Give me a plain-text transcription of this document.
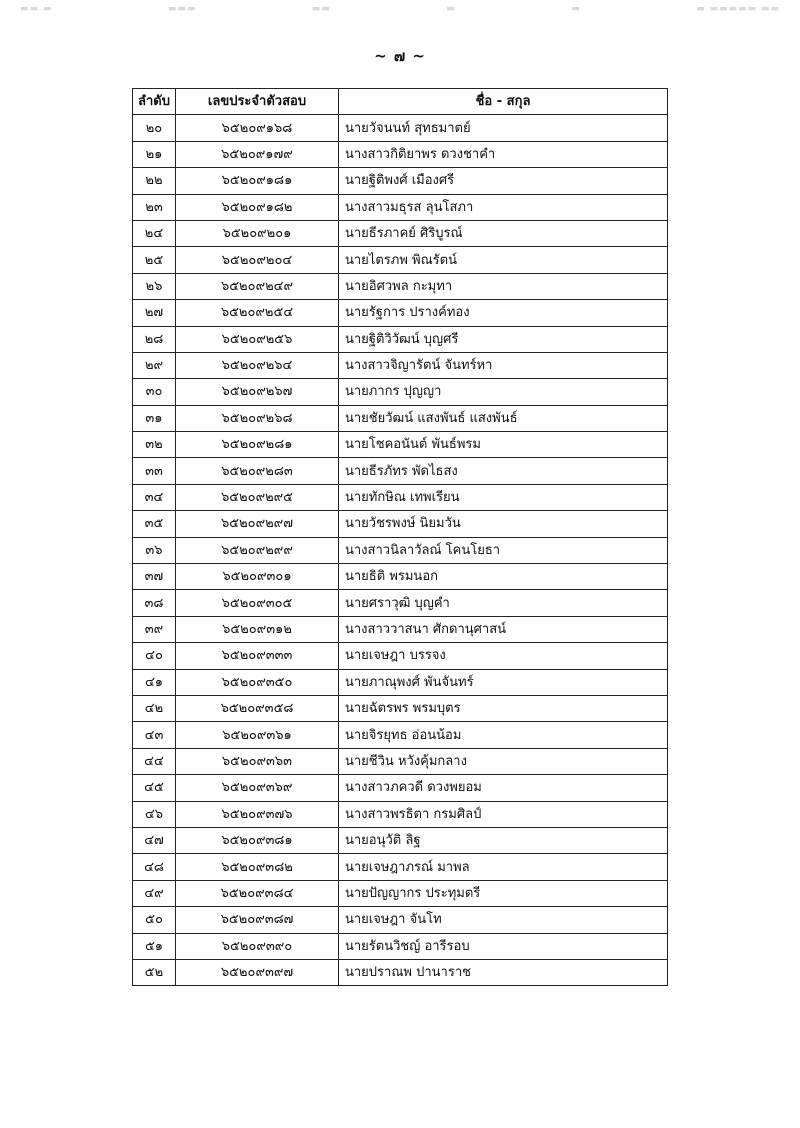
▬▬ ▬	▬▬▬	▬▬	▬	▬	▬ ▬▬▬▬▬ ▬▬
~ ๗ ~
ลำดับ	เลขประจำตัวสอบ	ชื่อ - สกุล
๒๐	๖๕๒๐๙๑๖๘	นายวัจนนท์ สุทธมาตย์
๒๑	๖๕๒๐๙๑๗๙	นางสาวกิติยาพร ดวงชาคำ
๒๒	๖๕๒๐๙๑๘๑	นายฐิติพงศ์ เมืองศรี
๒๓	๖๕๒๐๙๑๘๒	นางสาวมธุรส ลุนโสภา
๒๔	๖๕๒๐๙๒๐๑	นายธีรภาคย์ ศิริบูรณ์
๒๕	๖๕๒๐๙๒๐๔	นายไตรภพ พิณรัตน์
๒๖	๖๕๒๐๙๒๔๙	นายอิศวพล กะมุทา
๒๗	๖๕๒๐๙๒๕๔	นายรัฐการ ปรางค์ทอง
๒๘	๖๕๒๐๙๒๕๖	นายฐิติวิวัฒน์ บุญศรี
๒๙	๖๕๒๐๙๒๖๔	นางสาวจิญารัตน์ จันทร์หา
๓๐	๖๕๒๐๙๒๖๗	นายภากร ปุญญา
๓๑	๖๕๒๐๙๒๖๘	นายชัยวัฒน์ แสงพันธ์ แสงพันธ์
๓๒	๖๕๒๐๙๒๘๑	นายโชคอนันต์ พันธ์พรม
๓๓	๖๕๒๐๙๒๘๓	นายธีรภัทร พัดไธสง
๓๔	๖๕๒๐๙๒๙๕	นายทักษิณ เทพเรียน
๓๕	๖๕๒๐๙๒๙๗	นายวัชรพงษ์ นิยมวัน
๓๖	๖๕๒๐๙๒๙๙	นางสาวนิลาวัลณ์ โคนโยธา
๓๗	๖๕๒๐๙๓๐๑	นายธิติ พรมนอก
๓๘	๖๕๒๐๙๓๐๕	นายศราวุฒิ บุญคำ
๓๙	๖๕๒๐๙๓๑๒	นางสาววาสนา ศักดานุศาสน์
๔๐	๖๕๒๐๙๓๓๓	นายเจษฎา บรรจง
๔๑	๖๕๒๐๙๓๕๐	นายภาณุพงศ์ พันจันทร์
๔๒	๖๕๒๐๙๓๕๘	นายฉัตรพร พรมบุตร
๔๓	๖๕๒๐๙๓๖๑	นายจิรยุทธ อ่อนน้อม
๔๔	๖๕๒๐๙๓๖๓	นายชีวิน หวังคุ้มกลาง
๔๕	๖๕๒๐๙๓๖๙	นางสาวภควดี ดวงพยอม
๔๖	๖๕๒๐๙๓๗๖	นางสาวพรธิตา กรมศิลป์
๔๗	๖๕๒๐๙๓๘๑	นายอนุวัติ ลิฐ
๔๘	๖๕๒๐๙๓๘๒	นายเจษฎาภรณ์ มาพล
๔๙	๖๕๒๐๙๓๘๔	นายปัญญากร ประทุมตรี
๕๐	๖๕๒๐๙๓๘๗	นายเจษฎา จันโท
๕๑	๖๕๒๐๙๓๙๐	นายรัตนวิชญ์ อารีรอบ
๕๒	๖๕๒๐๙๓๙๗	นายปราณพ ปานาราช
